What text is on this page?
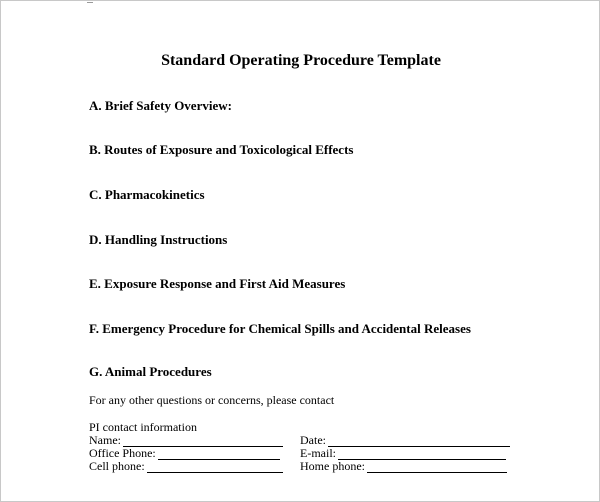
Standard Operating Procedure Template
A. Brief Safety Overview:
B. Routes of Exposure and Toxicological Effects
C. Pharmacokinetics
D. Handling Instructions
E. Exposure Response and First Aid Measures
F. Emergency Procedure for Chemical Spills and Accidental Releases
G. Animal Procedures
For any other questions or concerns, please contact
PI contact information
Name:	Date:
Office Phone:	E-mail:
Cell phone:	Home phone:
